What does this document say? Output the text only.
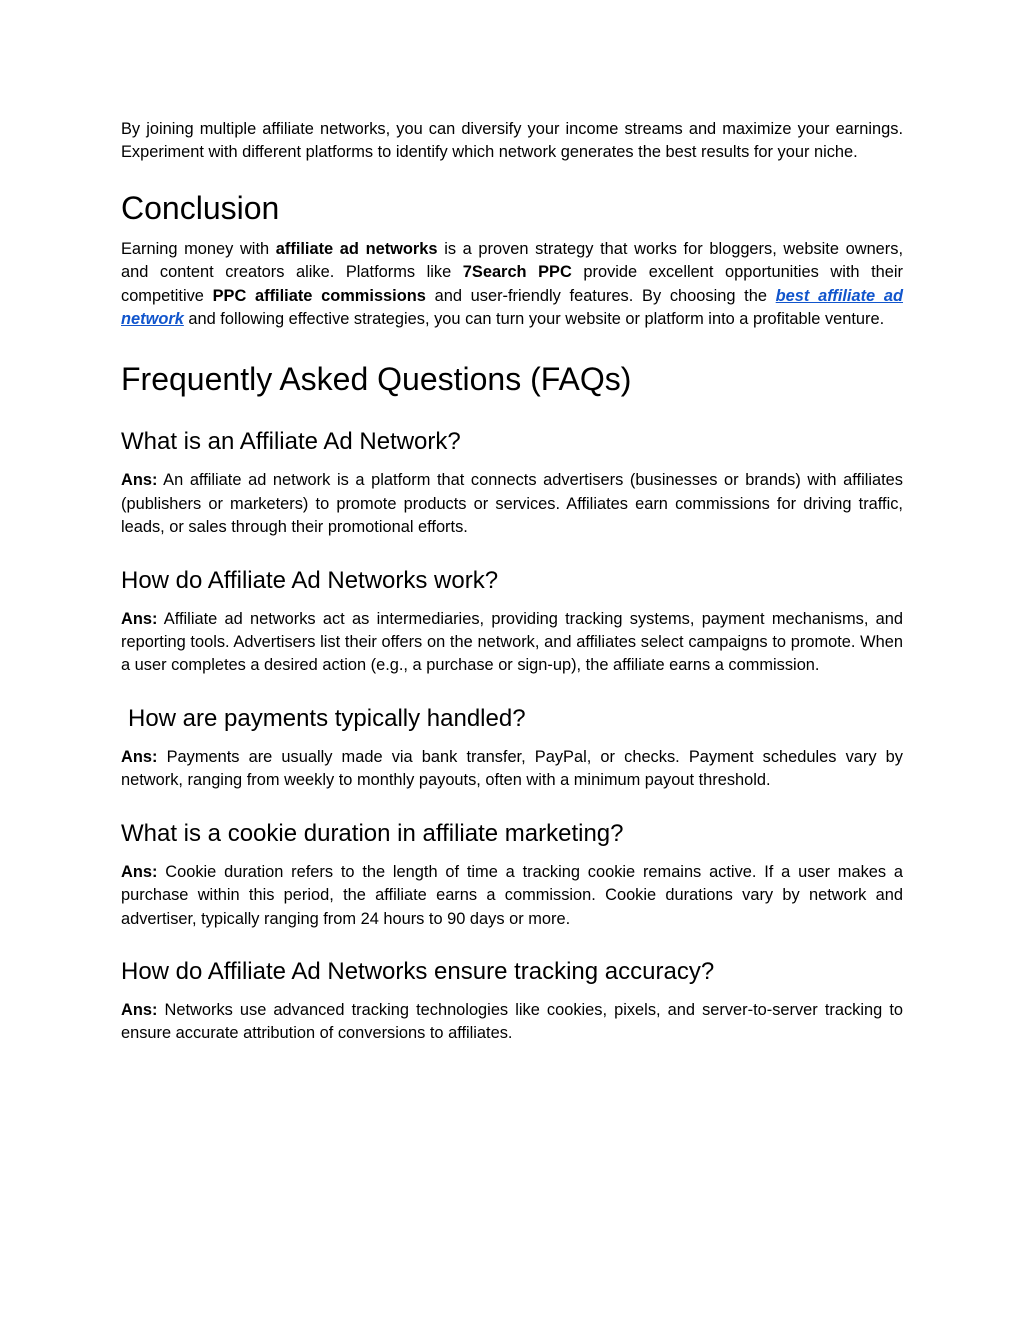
By joining multiple affiliate networks, you can diversify your income streams and maximize your earnings. Experiment with different platforms to identify which network generates the best results for your niche.

Conclusion

Earning money with affiliate ad networks is a proven strategy that works for bloggers, website owners, and content creators alike. Platforms like 7Search PPC provide excellent opportunities with their competitive PPC affiliate commissions and user-friendly features. By choosing the best affiliate ad network and following effective strategies, you can turn your website or platform into a profitable venture.

Frequently Asked Questions (FAQs)
What is an Affiliate Ad Network?

Ans: An affiliate ad network is a platform that connects advertisers (businesses or brands) with affiliates (publishers or marketers) to promote products or services. Affiliates earn commissions for driving traffic, leads, or sales through their promotional efforts.

How do Affiliate Ad Networks work?

Ans: Affiliate ad networks act as intermediaries, providing tracking systems, payment mechanisms, and reporting tools. Advertisers list their offers on the network, and affiliates select campaigns to promote. When a user completes a desired action (e.g., a purchase or sign-up), the affiliate earns a commission.

How are payments typically handled?

Ans: Payments are usually made via bank transfer, PayPal, or checks. Payment schedules vary by network, ranging from weekly to monthly payouts, often with a minimum payout threshold.

What is a cookie duration in affiliate marketing?

Ans: Cookie duration refers to the length of time a tracking cookie remains active. If a user makes a purchase within this period, the affiliate earns a commission. Cookie durations vary by network and advertiser, typically ranging from 24 hours to 90 days or more.

How do Affiliate Ad Networks ensure tracking accuracy?

Ans: Networks use advanced tracking technologies like cookies, pixels, and server-to-server tracking to ensure accurate attribution of conversions to affiliates.
